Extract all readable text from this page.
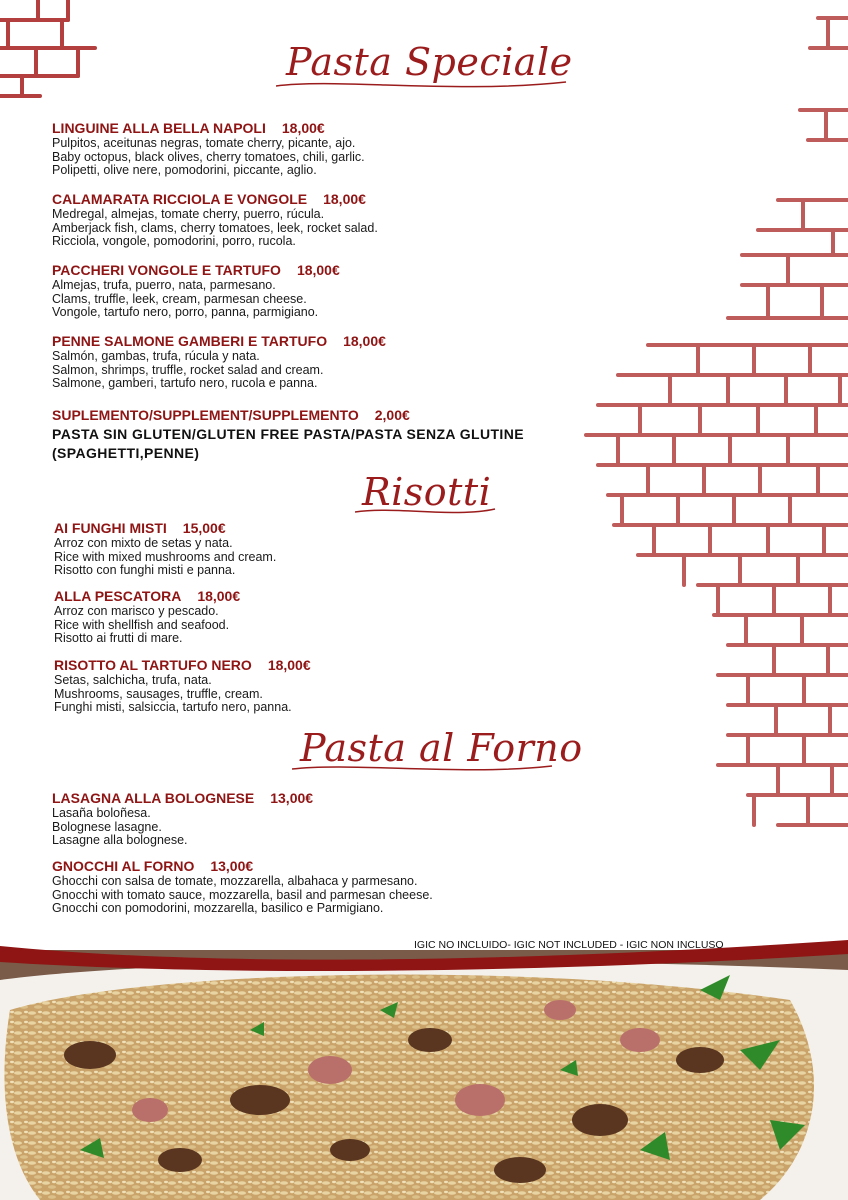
Pasta Speciale

LINGUINE ALLA BELLA NAPOLI 18,00€

Pulpitos, aceitunas negras, tomate cherry, picante, ajo.

Baby octopus, black olives, cherry tomatoes, chili, garlic.

Polipetti, olive nere, pomodorini, piccante, aglio.

CALAMARATA RICCIOLA E VONGOLE 18,00€

Medregal, almejas, tomate cherry, puerro, rúcula.

Amberjack fish, clams, cherry tomatoes, leek, rocket salad.

Ricciola, vongole, pomodorini, porro, rucola.

PACCHERI VONGOLE E TARTUFO 18,00€

Almejas, trufa, puerro, nata, parmesano.

Clams, truffle, leek, cream, parmesan cheese.

Vongole, tartufo nero, porro, panna, parmigiano.

PENNE SALMONE GAMBERI E TARTUFO 18,00€

Salmón, gambas, trufa, rúcula y nata.

Salmon, shrimps, truffle, rocket salad and cream.

Salmone, gamberi, tartufo nero, rucola e panna.

SUPLEMENTO/SUPPLEMENT/SUPPLEMENTO 2,00€

PASTA SIN GLUTEN/GLUTEN FREE PASTA/PASTA SENZA GLUTINE

(SPAGHETTI,PENNE)

Risotti

AI FUNGHI MISTI 15,00€

Arroz con mixto de setas y nata.

Rice with mixed mushrooms and cream.

Risotto con funghi misti e panna.

ALLA PESCATORA 18,00€

Arroz con marisco y pescado.

Rice with shellfish and seafood.

Risotto ai frutti di mare.

RISOTTO AL TARTUFO NERO 18,00€

Setas, salchicha, trufa, nata.

Mushrooms, sausages, truffle, cream.

Funghi misti, salsiccia, tartufo nero, panna.

Pasta al Forno

LASAGNA ALLA BOLOGNESE 13,00€

Lasaña boloñesa.

Bolognese lasagne.

Lasagne alla bolognese.

GNOCCHI AL FORNO 13,00€

Ghocchi con salsa de tomate, mozzarella, albahaca y parmesano.

Gnocchi with tomato sauce, mozzarella, basil and parmesan cheese.

Gnocchi con pomodorini, mozzarella, basilico e Parmigiano.

IGIC NO INCLUIDO- IGIC NOT INCLUDED - IGIC NON INCLUSO
